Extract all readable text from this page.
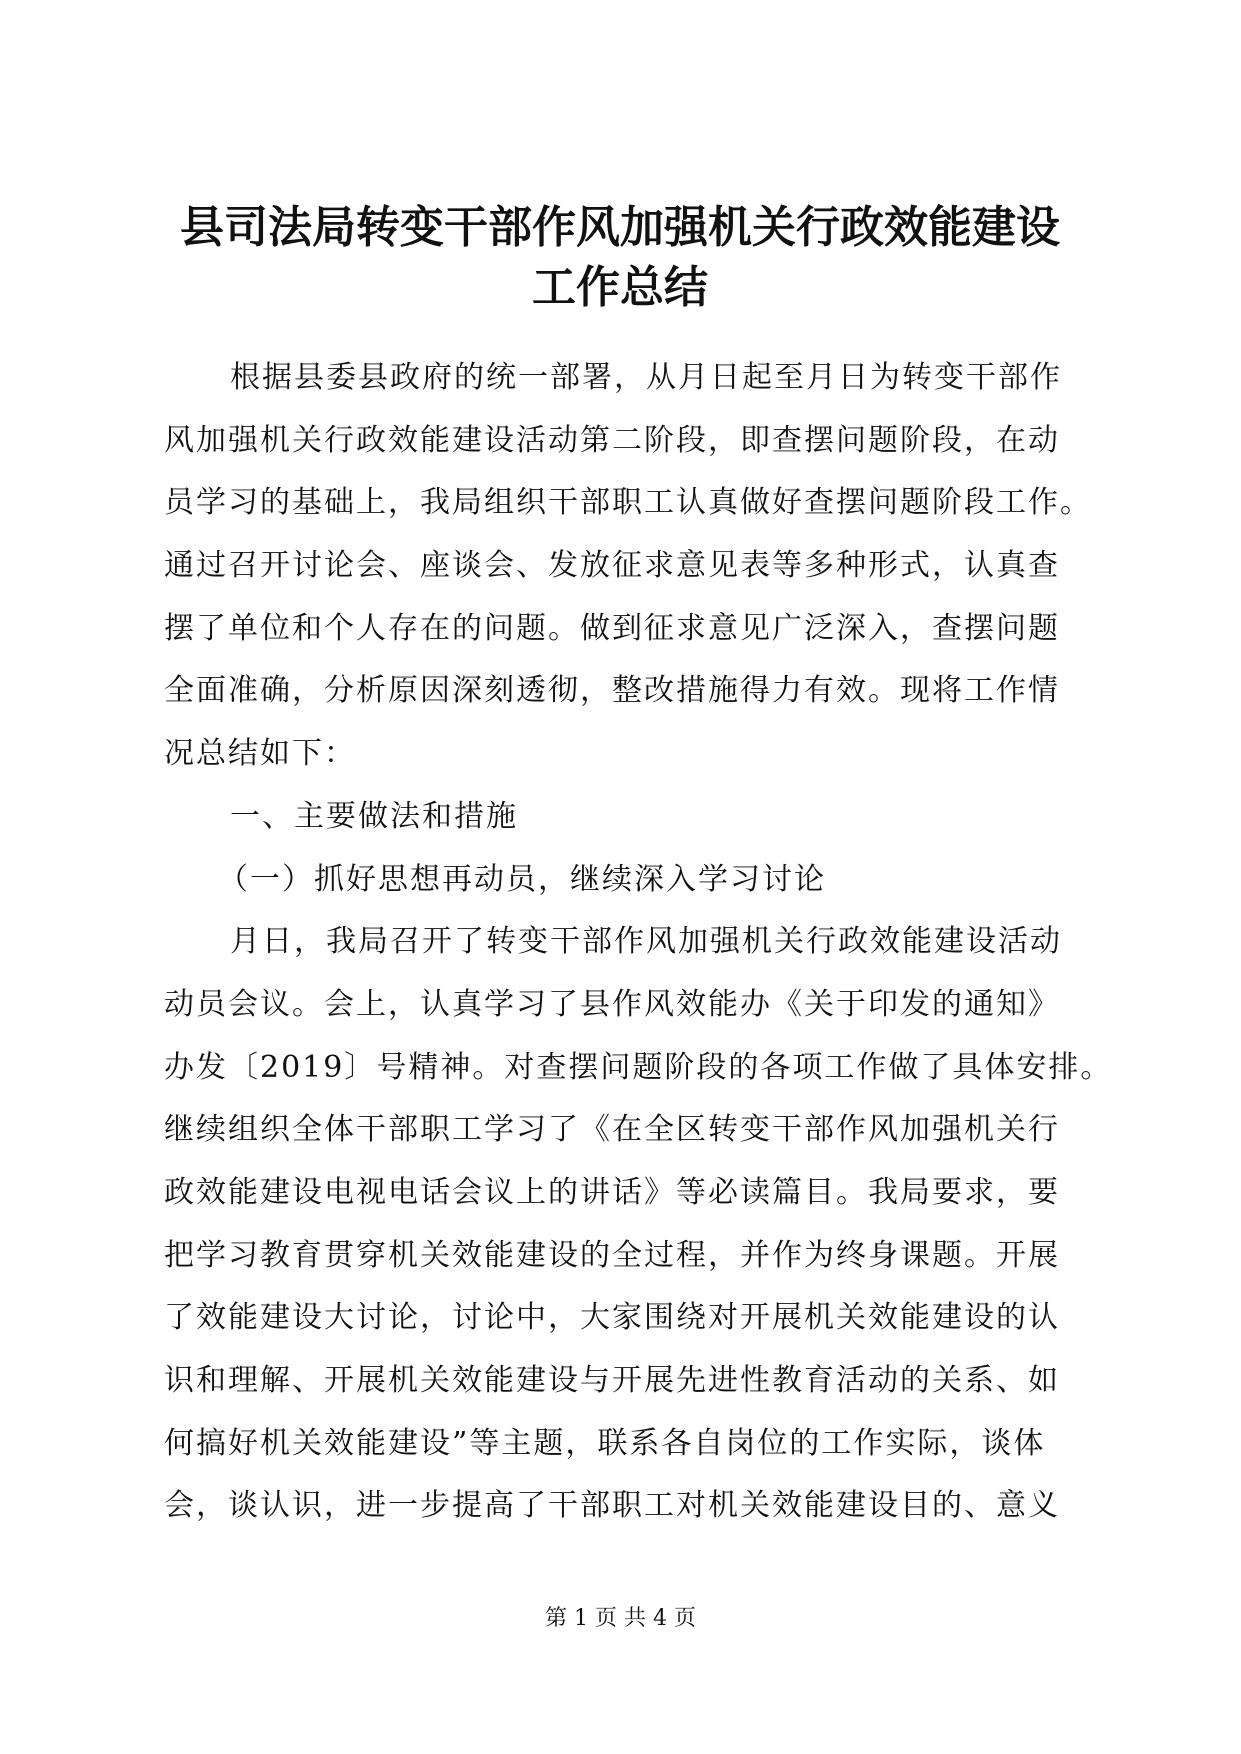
县司法局转变干部作风加强机关行政效能建设
工作总结
根据县委县政府的统一部署，从月日起至月日为转变干部作
风加强机关行政效能建设活动第二阶段，即查摆问题阶段，在动
员学习的基础上，我局组织干部职工认真做好查摆问题阶段工作。
通过召开讨论会、座谈会、发放征求意见表等多种形式，认真查
摆了单位和个人存在的问题。做到征求意见广泛深入，查摆问题
全面准确，分析原因深刻透彻，整改措施得力有效。现将工作情
况总结如下：
一、主要做法和措施
（一）抓好思想再动员，继续深入学习讨论
月日，我局召开了转变干部作风加强机关行政效能建设活动
动员会议。会上，认真学习了县作风效能办《关于印发的通知》
办发〔2019〕号精神。对查摆问题阶段的各项工作做了具体安排。
继续组织全体干部职工学习了《在全区转变干部作风加强机关行
政效能建设电视电话会议上的讲话》等必读篇目。我局要求，要
把学习教育贯穿机关效能建设的全过程，并作为终身课题。开展
了效能建设大讨论，讨论中，大家围绕对开展机关效能建设的认
识和理解、开展机关效能建设与开展先进性教育活动的关系、如
何搞好机关效能建设”等主题，联系各自岗位的工作实际，谈体
会，谈认识，进一步提高了干部职工对机关效能建设目的、意义
第 1 页 共 4 页
